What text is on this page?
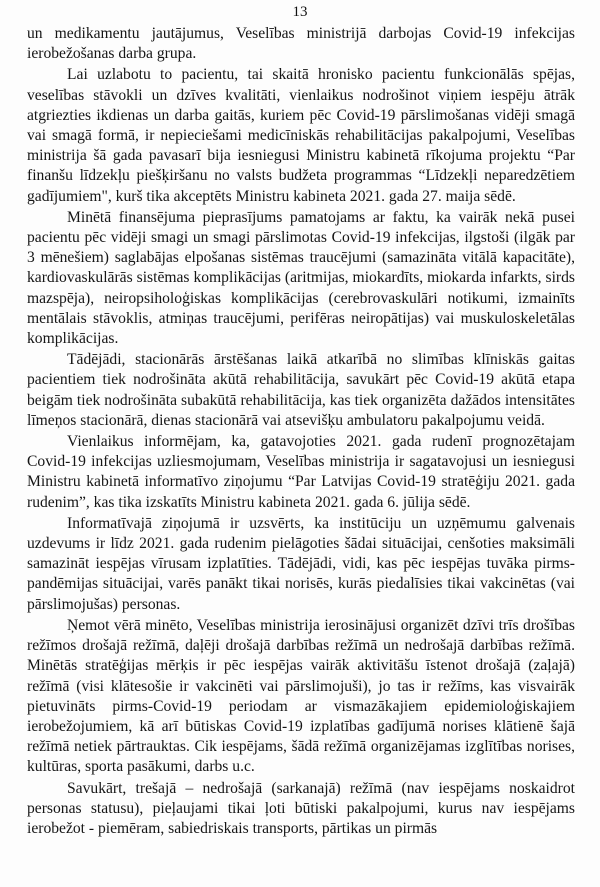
13

un medikamentu jautājumus, Veselības ministrijā darbojas Covid-19 infekcijas ierobežošanas darba grupa.

Lai uzlabotu to pacientu, tai skaitā hronisko pacientu funkcionālās spējas, veselības stāvokli un dzīves kvalitāti, vienlaikus nodrošinot viņiem iespēju ātrāk atgriezties ikdienas un darba gaitās, kuriem pēc Covid-19 pārslimošanas vidēji smagā vai smagā formā, ir nepieciešami medicīniskās rehabilitācijas pakalpojumi, Veselības ministrija šā gada pavasarī bija iesniegusi Ministru kabinetā rīkojuma projektu “Par finanšu līdzekļu piešķiršanu no valsts budžeta programmas “Līdzekļi neparedzētiem gadījumiem", kurš tika akceptēts Ministru kabineta 2021. gada 27. maija sēdē.

Minētā finansējuma pieprasījums pamatojams ar faktu, ka vairāk nekā pusei pacientu pēc vidēji smagi un smagi pārslimotas Covid-19 infekcijas, ilgstoši (ilgāk par 3 mēnešiem) saglabājas elpošanas sistēmas traucējumi (samazināta vitālā kapacitāte), kardiovaskulārās sistēmas komplikācijas (aritmijas, miokardīts, miokarda infarkts, sirds mazspēja), neiropsiholoģiskas komplikācijas (cerebrovaskulāri notikumi, izmainīts mentālais stāvoklis, atmiņas traucējumi, perifēras neiropātijas) vai muskuloskeletālas komplikācijas.

Tādējādi, stacionārās ārstēšanas laikā atkarībā no slimības klīniskās gaitas pacientiem tiek nodrošināta akūtā rehabilitācija, savukārt pēc Covid-19 akūtā etapa beigām tiek nodrošināta subakūtā rehabilitācija, kas tiek organizēta dažādos intensitātes līmeņos stacionārā, dienas stacionārā vai atsevišķu ambulatoru pakalpojumu veidā.

Vienlaikus informējam, ka, gatavojoties 2021. gada rudenī prognozētajam Covid-19 infekcijas uzliesmojumam, Veselības ministrija ir sagatavojusi un iesniegusi Ministru kabinetā informatīvo ziņojumu “Par Latvijas Covid-19 stratēģiju 2021. gada rudenim”, kas tika izskatīts Ministru kabineta 2021. gada 6. jūlija sēdē.

Informatīvajā ziņojumā ir uzsvērts, ka institūciju un uzņēmumu galvenais uzdevums ir līdz 2021. gada rudenim pielāgoties šādai situācijai, cenšoties maksimāli samazināt iespējas vīrusam izplatīties. Tādējādi, vidi, kas pēc iespējas tuvāka pirms-pandēmijas situācijai, varēs panākt tikai norisēs, kurās piedalīsies tikai vakcinētas (vai pārslimojušas) personas.

Ņemot vērā minēto, Veselības ministrija ierosinājusi organizēt dzīvi trīs drošības režīmos drošajā režīmā, daļēji drošajā darbības režīmā un nedrošajā darbības režīmā. Minētās stratēģijas mērķis ir pēc iespējas vairāk aktivitāšu īstenot drošajā (zaļajā) režīmā (visi klātesošie ir vakcinēti vai pārslimojuši), jo tas ir režīms, kas visvairāk pietuvināts pirms-Covid-19 periodam ar vismazākajiem epidemioloģiskajiem ierobežojumiem, kā arī būtiskas Covid-19 izplatības gadījumā norises klātienē šajā režīmā netiek pārtrauktas. Cik iespējams, šādā režīmā organizējamas izglītības norises, kultūras, sporta pasākumi, darbs u.c.

Savukārt, trešajā – nedrošajā (sarkanajā) režīmā (nav iespējams noskaidrot personas statusu), pieļaujami tikai ļoti būtiski pakalpojumi, kurus nav iespējams ierobežot - piemēram, sabiedriskais transports, pārtikas un pirmās
